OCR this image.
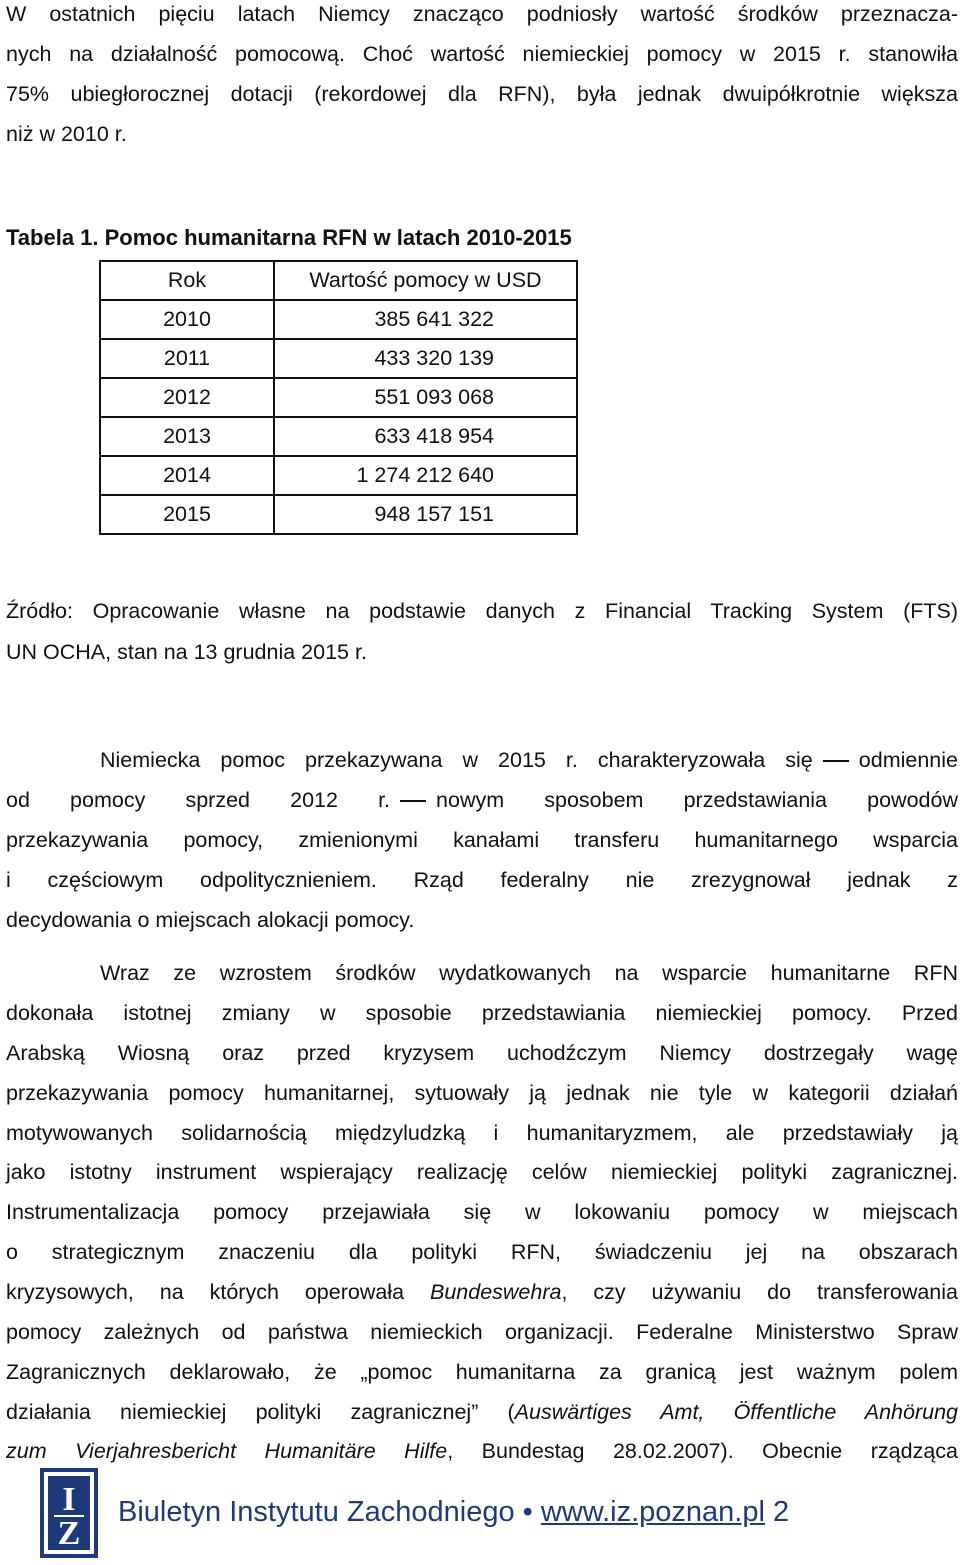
W ostatnich pięciu latach Niemcy znacząco podniosły wartość środków przeznacza-
nych na działalność pomocową. Choć wartość niemieckiej pomocy w 2015 r. stanowiła
75% ubiegłorocznej dotacji (rekordowej dla RFN), była jednak dwuipółkrotnie większa
niż w 2010 r.
Tabela 1. Pomoc humanitarna RFN w latach 2010-2015
Rok	Wartość pomocy w USD
2010	385 641 322
2011	433 320 139
2012	551 093 068
2013	633 418 954
2014	1 274 212 640
2015	948 157 151
Źródło: Opracowanie własne na podstawie danych z Financial Tracking System (FTS)
UN OCHA, stan na 13 grudnia 2015 r.
Niemiecka pomoc przekazywana w 2015 r. charakteryzowała się odmiennie
od pomocy sprzed 2012 r. nowym sposobem przedstawiania powodów
przekazywania pomocy, zmienionymi kanałami transferu humanitarnego wsparcia
i częściowym odpolitycznieniem. Rząd federalny nie zrezygnował jednak z
decydowania o miejscach alokacji pomocy.
Wraz ze wzrostem środków wydatkowanych na wsparcie humanitarne RFN
dokonała istotnej zmiany w sposobie przedstawiania niemieckiej pomocy. Przed
Arabską Wiosną oraz przed kryzysem uchodźczym Niemcy dostrzegały wagę
przekazywania pomocy humanitarnej, sytuowały ją jednak nie tyle w kategorii działań
motywowanych solidarnością międzyludzką i humanitaryzmem, ale przedstawiały ją
jako istotny instrument wspierający realizację celów niemieckiej polityki zagranicznej.
Instrumentalizacja pomocy przejawiała się w lokowaniu pomocy w miejscach
o strategicznym znaczeniu dla polityki RFN, świadczeniu jej na obszarach
kryzysowych, na których operowała Bundeswehra, czy używaniu do transferowania
pomocy zależnych od państwa niemieckich organizacji. Federalne Ministerstwo Spraw
Zagranicznych deklarowało, że „pomoc humanitarna za granicą jest ważnym polem
działania niemieckiej polityki zagranicznej” (Auswärtiges Amt, Öffentliche Anhörung
zum Vierjahresbericht Humanitäre Hilfe, Bundestag 28.02.2007). Obecnie rządząca
I
Z
Biuletyn Instytutu Zachodniego • www.iz.poznan.pl 2
